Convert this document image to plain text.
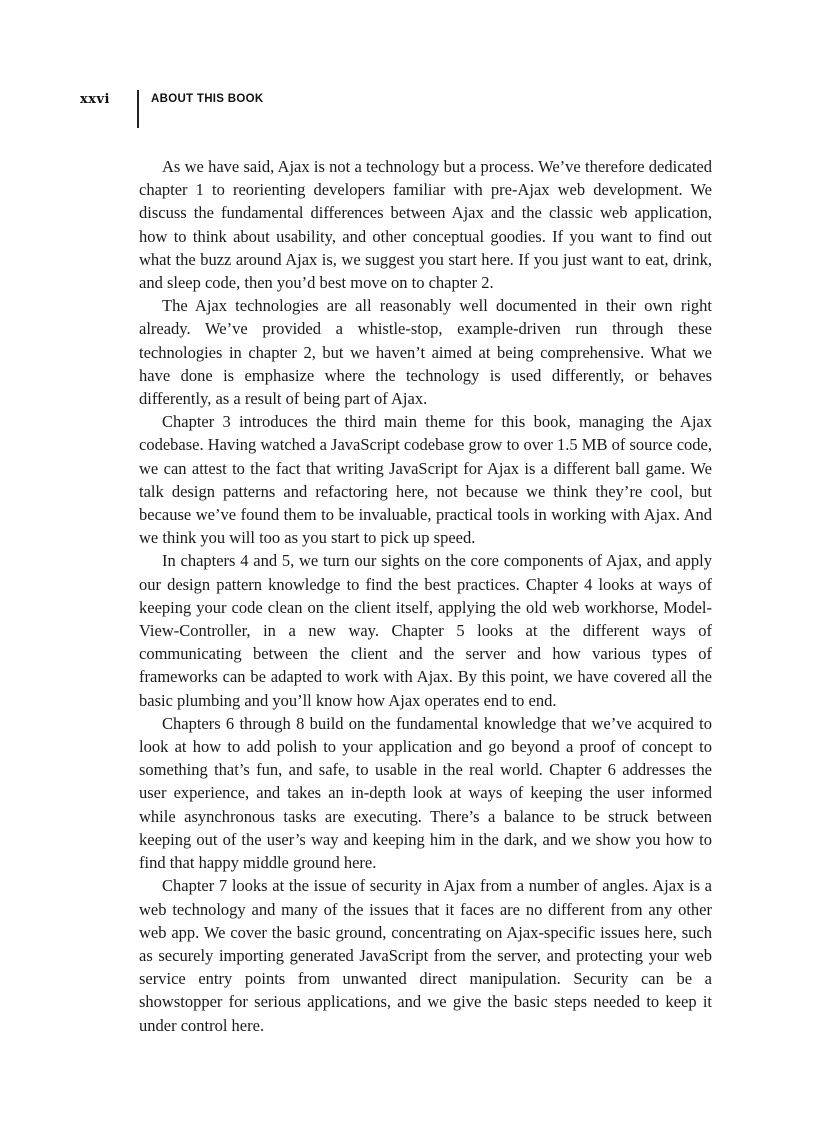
xxvi	ABOUT THIS BOOK

As we have said, Ajax is not a technology but a process. We’ve therefore dedicated chapter 1 to reorienting developers familiar with pre-Ajax web development. We discuss the fundamental differences between Ajax and the classic web application, how to think about usability, and other conceptual goodies. If you want to find out what the buzz around Ajax is, we suggest you start here. If you just want to eat, drink, and sleep code, then you’d best move on to chapter 2.

The Ajax technologies are all reasonably well documented in their own right already. We’ve provided a whistle-stop, example-driven run through these technologies in chapter 2, but we haven’t aimed at being comprehensive. What we have done is emphasize where the technology is used differently, or behaves differently, as a result of being part of Ajax.

Chapter 3 introduces the third main theme for this book, managing the Ajax codebase. Having watched a JavaScript codebase grow to over 1.5 MB of source code, we can attest to the fact that writing JavaScript for Ajax is a different ball game. We talk design patterns and refactoring here, not because we think they’re cool, but because we’ve found them to be invaluable, practical tools in working with Ajax. And we think you will too as you start to pick up speed.

In chapters 4 and 5, we turn our sights on the core components of Ajax, and apply our design pattern knowledge to find the best practices. Chapter 4 looks at ways of keeping your code clean on the client itself, applying the old web workhorse, Model-View-Controller, in a new way. Chapter 5 looks at the different ways of communicating between the client and the server and how various types of frameworks can be adapted to work with Ajax. By this point, we have covered all the basic plumbing and you’ll know how Ajax operates end to end.

Chapters 6 through 8 build on the fundamental knowledge that we’ve acquired to look at how to add polish to your application and go beyond a proof of concept to something that’s fun, and safe, to usable in the real world. Chapter 6 addresses the user experience, and takes an in-depth look at ways of keeping the user informed while asynchronous tasks are executing. There’s a balance to be struck between keeping out of the user’s way and keeping him in the dark, and we show you how to find that happy middle ground here.

Chapter 7 looks at the issue of security in Ajax from a number of angles. Ajax is a web technology and many of the issues that it faces are no different from any other web app. We cover the basic ground, concentrating on Ajax-specific issues here, such as securely importing generated JavaScript from the server, and protecting your web service entry points from unwanted direct manipulation. Security can be a showstopper for serious applications, and we give the basic steps needed to keep it under control here.
